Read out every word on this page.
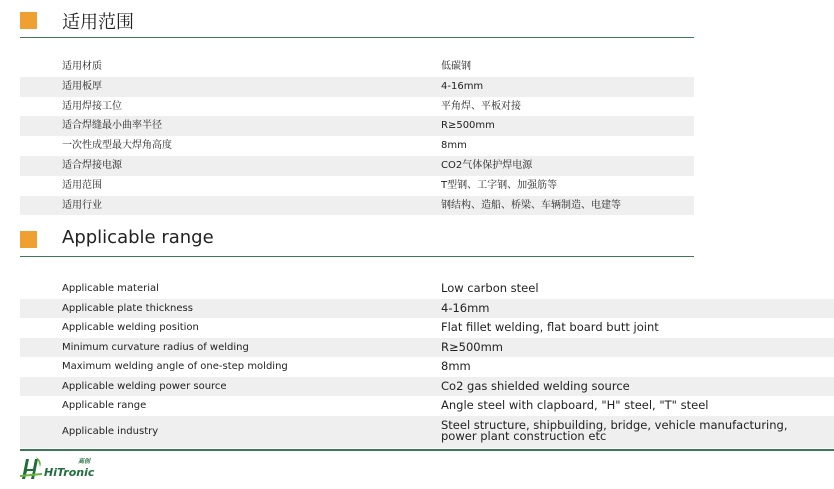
适用范围
适用材质	低碳钢
适用板厚	4-16mm
适用焊接工位	平角焊、平板对接
适合焊缝最小曲率半径	R≥500mm
一次性成型最大焊角高度	8mm
适合焊接电源	CO2气体保护焊电源
适用范围	T型钢、工字钢、加强筋等
适用行业	钢结构、造船、桥梁、车辆制造、电建等
Applicable range
Applicable material	Low carbon steel
Applicable plate thickness	4-16mm
Applicable welding position	Flat fillet welding, flat board butt joint
Minimum curvature radius of welding	R≥500mm
Maximum welding angle of one-step molding	8mm
Applicable welding power source	Co2 gas shielded welding source
Applicable range	Angle steel with clapboard, "H" steel, "T" steel
Applicable industry	Steel structure, shipbuilding, bridge, vehicle manufacturing, power plant construction etc
高创
HiTronic
